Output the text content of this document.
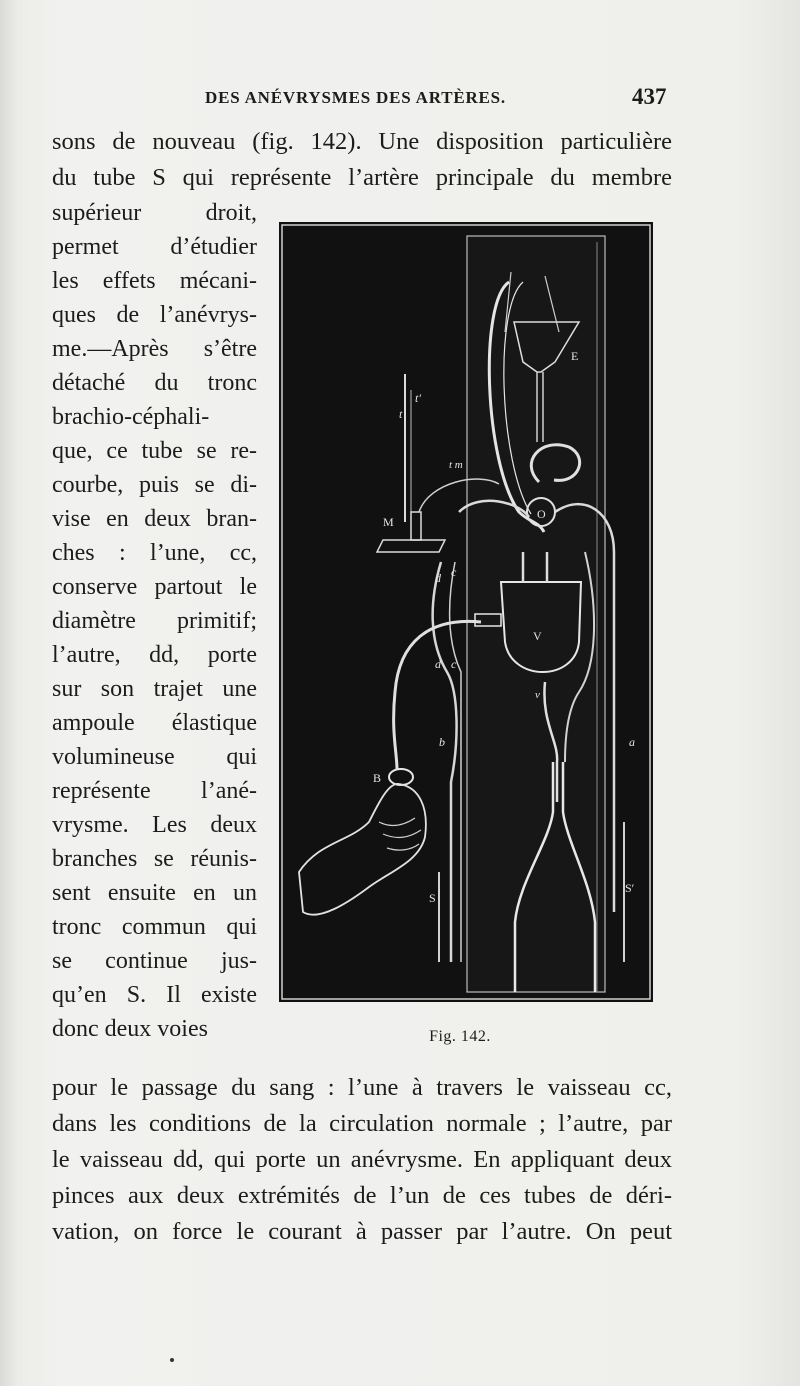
DES ANÉVRYSMES DES ARTÈRES.	437
sons de nouveau (fig. 142). Une disposition particulière
du tube S qui représente l’artère principale du membre
supérieur droit,
permet d’étudier
les effets mécani-
ques de l’anévrys-
me.—Après s’être
détaché du tronc
brachio-céphali-
que, ce tube se re-
courbe, puis se di-
vise en deux bran-
ches : l’une, cc,
conserve partout le
diamètre primitif;
l’autre, dd, porte
sur son trajet une
ampoule élastique
volumineuse qui
représente l’ané-
vrysme. Les deux
branches se réunis-
sent ensuite en un
tronc commun qui
se continue jus-
qu’en S. Il existe
donc deux voies
E
t
t′
t m
M
O
d c
d c
V
v
b	a
B
S
S′
Fig. 142.
pour le passage du sang : l’une à travers le vaisseau cc,
dans les conditions de la circulation normale ; l’autre, par
le vaisseau dd, qui porte un anévrysme. En appliquant deux
pinces aux deux extrémités de l’un de ces tubes de déri-
vation, on force le courant à passer par l’autre. On peut
